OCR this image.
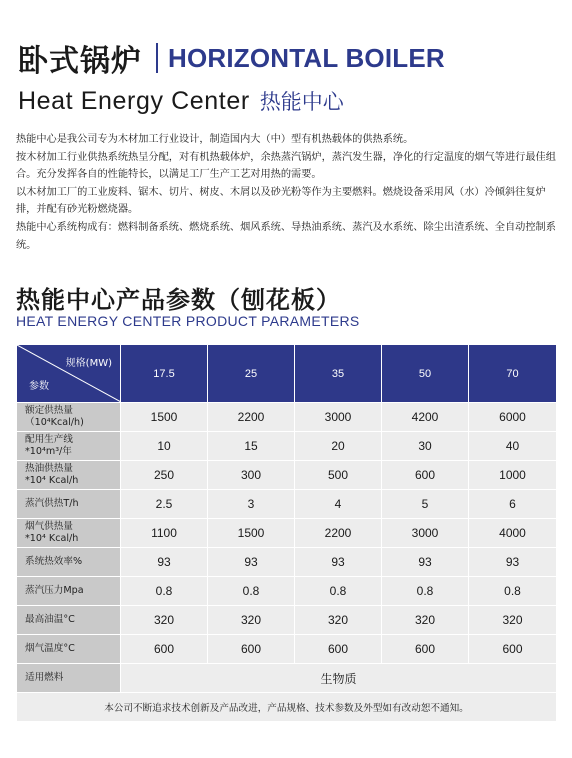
卧式锅炉 HORIZONTAL BOILER
Heat Energy Center 热能中心

热能中心是我公司专为木材加工行业设计，制造国内大（中）型有机热载体的供热系统。

按木材加工行业供热系统热呈分配，对有机热载体炉，余热蒸汽锅炉，蒸汽发生器，净化的行定温度的烟气等进行最佳组合。充分发挥各自的性能特长，以满足工厂生产工艺对用热的需要。

以木材加工厂的工业废料、锯木、切片、树皮、木屑以及砂光粉等作为主要燃料。燃烧设备采用风（水）冷倾斜往复炉排，并配有砂光粉燃烧器。

热能中心系统构成有：燃料制备系统、燃烧系统、烟风系统、导热油系统、蒸汽及水系统、除尘出渣系统、全自动控制系统。

热能中心产品参数（刨花板）
HEAT ENERGY CENTER PRODUCT PARAMETERS
规格(MW)
参数	17.5	25	35	50	70

额定供热量
（10⁴Kcal/h)	1500	2200	3000	4200	6000

配用生产线
*10⁴m³/年	10	15	20	30	40

热油供热量
*10⁴ Kcal/h	250	300	500	600	1000

蒸汽供热T/h	2.5	3	4	5	6

烟气供热量
*10⁴ Kcal/h	1100	1500	2200	3000	4000

系统热效率%	93	93	93	93	93

蒸汽压力Mpa	0.8	0.8	0.8	0.8	0.8

最高油温°C	320	320	320	320	320

烟气温度°C	600	600	600	600	600
适用燃料	生物质				
本公司不断追求技术创新及产品改进，产品规格、技术参数及外型如有改动恕不通知。					
